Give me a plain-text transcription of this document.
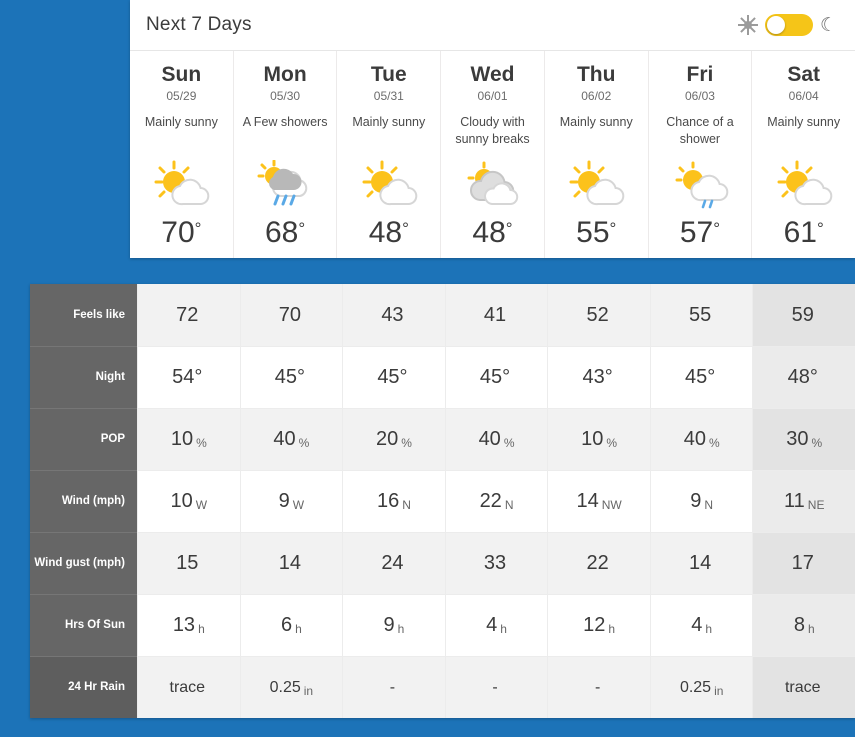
Next 7 Days	☾
Sun
05/29
Mainly sunny
70°
Mon
05/30
A Few showers
68°
Tue
05/31
Mainly sunny
48°
Wed
06/01
Cloudy with sunny breaks
48°
Thu
06/02
Mainly sunny
55°
Fri
06/03
Chance of a shower
57°
Sat
06/04
Mainly sunny
61°
Feels like
Night
POP
Wind (mph)
Wind gust (mph)
Hrs Of Sun
24 Hr Rain
72
54°
10 %
10 W
15
13 h
trace
70
45°
40 %
9 W
14
6 h
0.25 in
43
45°
20 %
16 N
24
9 h
-
41
45°
40 %
22 N
33
4 h
-
52
43°
10 %
14 NW
22
12 h
-
55
45°
40 %
9 N
14
4 h
0.25 in
59
48°
30 %
11 NE
17
8 h
trace
